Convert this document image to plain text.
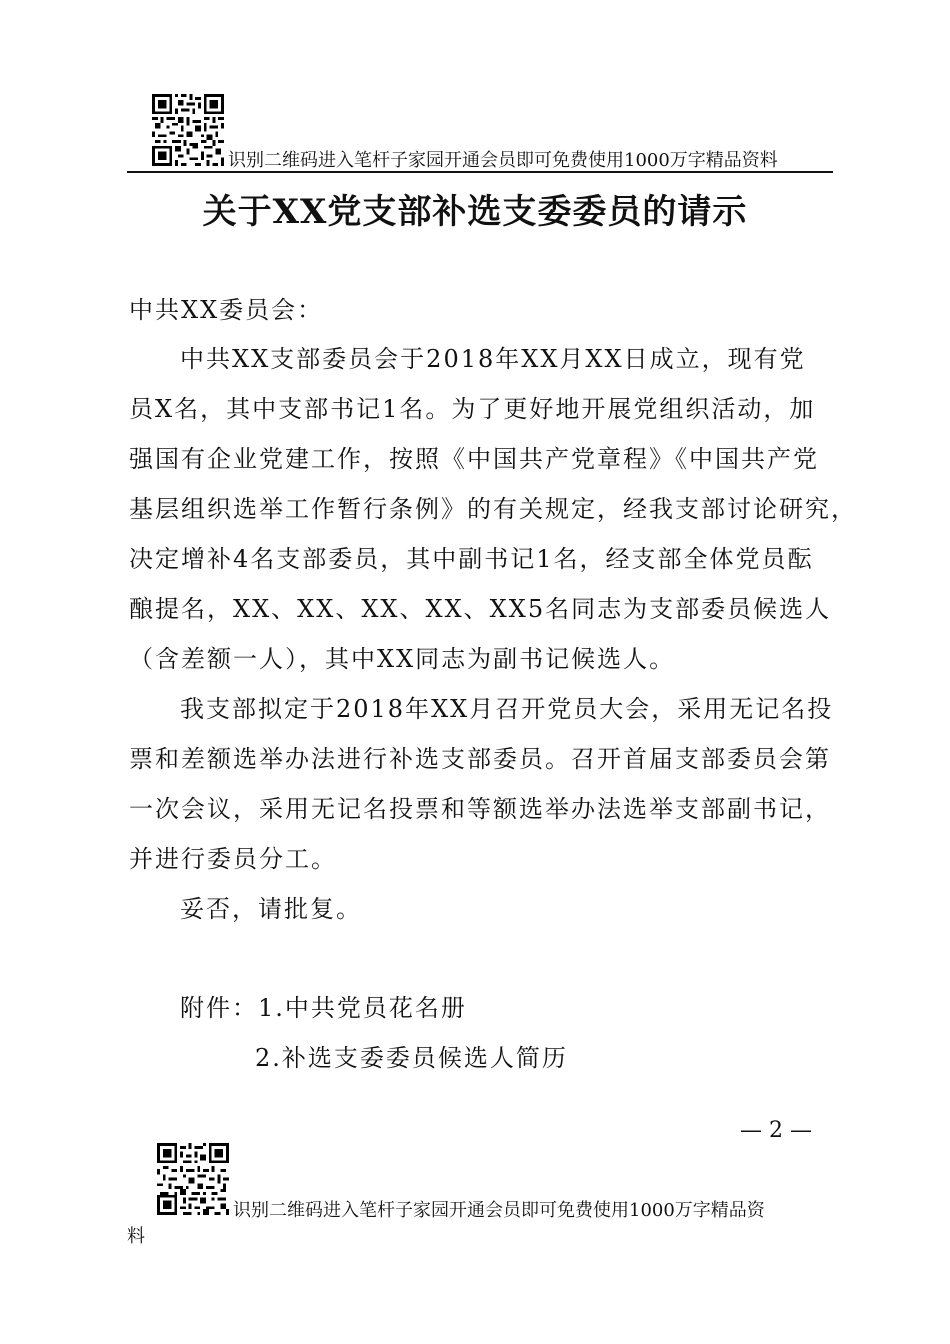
识别二维码进入笔杆子家园开通会员即可免费使用1000万字精品资料
关于XX党支部补选支委委员的请示
中共XX委员会：
中共XX支部委员会于2018年XX月XX日成立，现有党
员X名，其中支部书记1名。为了更好地开展党组织活动，加
强国有企业党建工作，按照《中国共产党章程》《中国共产党
基层组织选举工作暂行条例》的有关规定，经我支部讨论研究，
决定增补4名支部委员，其中副书记1名，经支部全体党员酝
酿提名，XX、XX、XX、XX、XX5名同志为支部委员候选人
（含差额一人），其中XX同志为副书记候选人。
我支部拟定于2018年XX月召开党员大会，采用无记名投
票和差额选举办法进行补选支部委员。召开首届支部委员会第
一次会议，采用无记名投票和等额选举办法选举支部副书记，
并进行委员分工。
妥否，请批复。
附件：1.中共党员花名册
2.补选支委委员候选人简历
— 2 —
识别二维码进入笔杆子家园开通会员即可免费使用1000万字精品资
料
